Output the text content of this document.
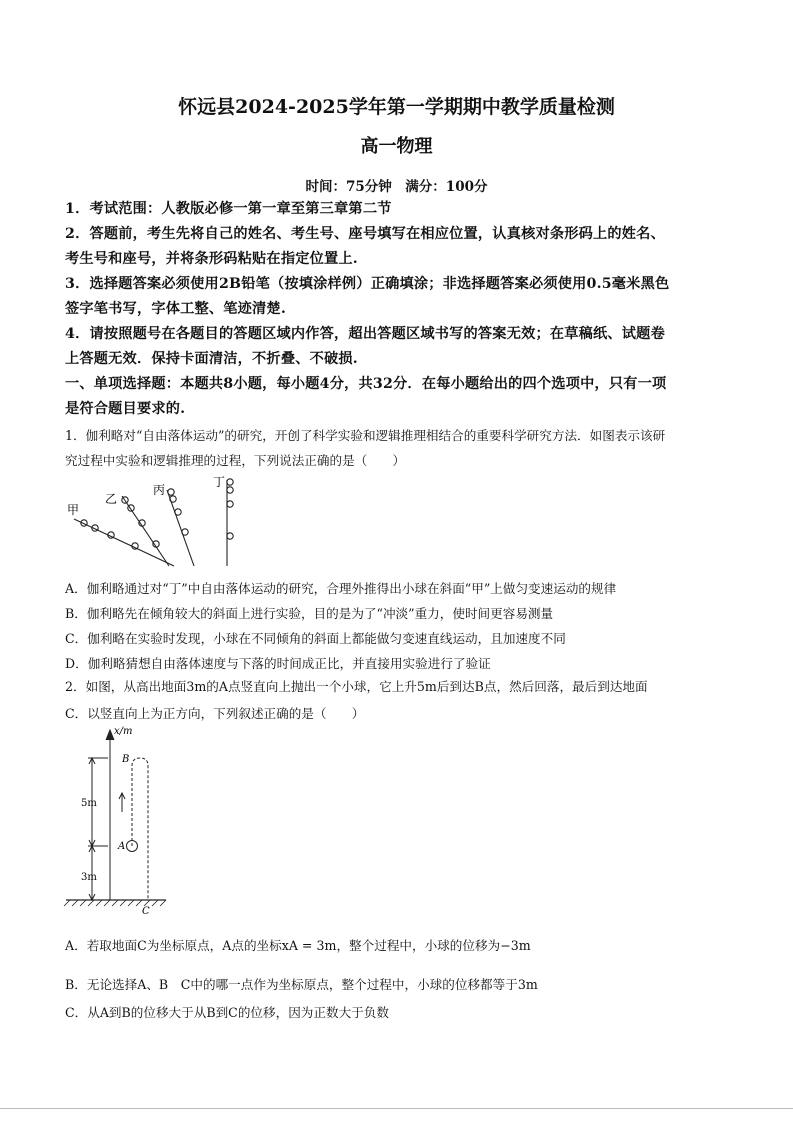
怀远县2024-2025学年第一学期期中教学质量检测
高一物理
时间：75分钟　满分：100分
1．考试范围：人教版必修一第一章至第三章第二节
2．答题前，考生先将自己的姓名、考生号、座号填写在相应位置，认真核对条形码上的姓名、
考生号和座号，并将条形码粘贴在指定位置上.
3．选择题答案必须使用2B铅笔（按填涂样例）正确填涂；非选择题答案必须使用0.5毫米黑色
签字笔书写，字体工整、笔迹清楚.
4．请按照题号在各题目的答题区域内作答，超出答题区域书写的答案无效；在草稿纸、试题卷
上答题无效．保持卡面清洁，不折叠、不破损.
一、单项选择题：本题共8小题，每小题4分，共32分．在每小题给出的四个选项中，只有一项
是符合题目要求的.
1．伽利略对“自由落体运动”的研究，开创了科学实验和逻辑推理相结合的重要科学研究方法．如图表示该研
究过程中实验和逻辑推理的过程，下列说法正确的是（　　）
甲
乙
丙
丁
A．伽利略通过对“丁”中自由落体运动的研究，合理外推得出小球在斜面“甲”上做匀变速运动的规律
B．伽利略先在倾角较大的斜面上进行实验，目的是为了“冲淡”重力，使时间更容易测量
C．伽利略在实验时发现，小球在不同倾角的斜面上都能做匀变速直线运动，且加速度不同
D．伽利略猜想自由落体速度与下落的时间成正比，并直接用实验进行了验证
2．如图，从高出地面3m的A点竖直向上抛出一个小球，它上升5m后到达B点，然后回落，最后到达地面
C．以竖直向上为正方向，下列叙述正确的是（　　）
x/m
B
A
C
5m
3m
A．若取地面C为坐标原点，A点的坐标xA = 3m，整个过程中，小球的位移为−3m
B．无论选择A、B　C中的哪一点作为坐标原点，整个过程中，小球的位移都等于3m
C．从A到B的位移大于从B到C的位移，因为正数大于负数
